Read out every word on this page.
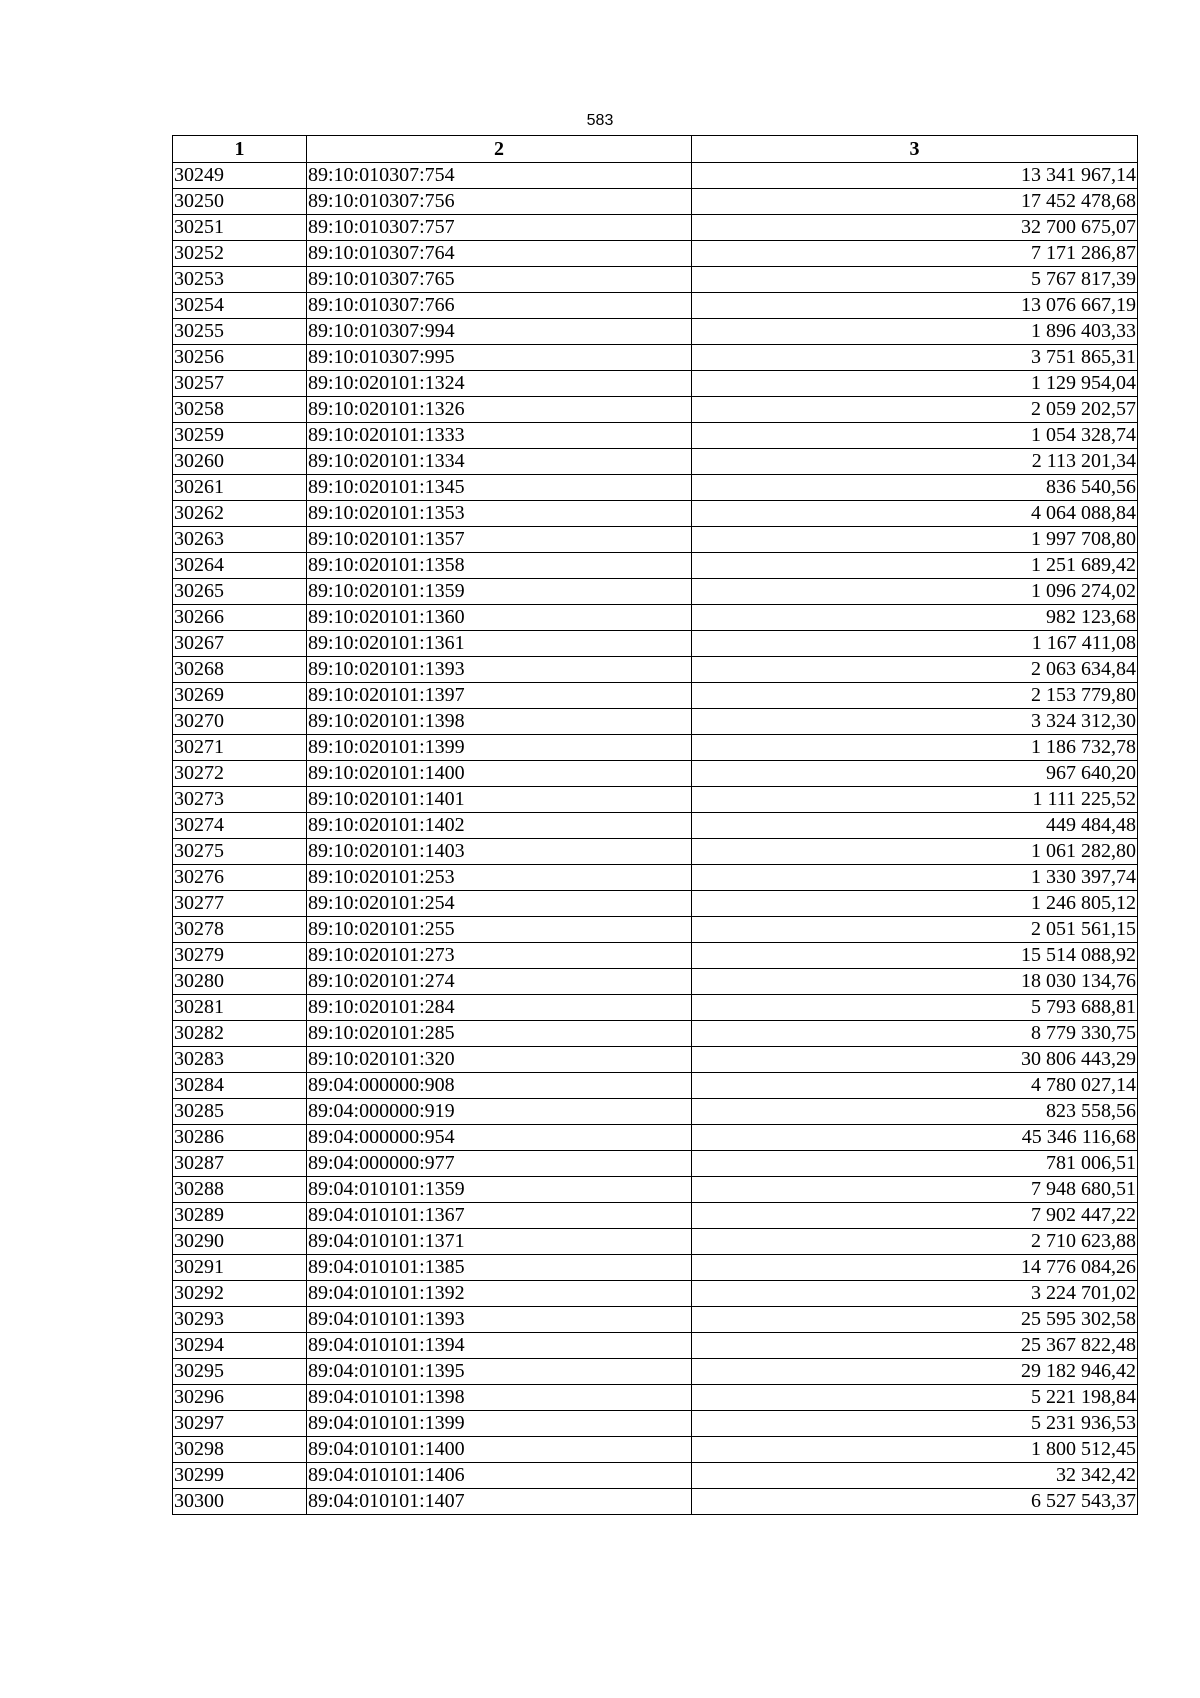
583
1	2	3
30249	89:10:010307:754	13 341 967,14
30250	89:10:010307:756	17 452 478,68
30251	89:10:010307:757	32 700 675,07
30252	89:10:010307:764	7 171 286,87
30253	89:10:010307:765	5 767 817,39
30254	89:10:010307:766	13 076 667,19
30255	89:10:010307:994	1 896 403,33
30256	89:10:010307:995	3 751 865,31
30257	89:10:020101:1324	1 129 954,04
30258	89:10:020101:1326	2 059 202,57
30259	89:10:020101:1333	1 054 328,74
30260	89:10:020101:1334	2 113 201,34
30261	89:10:020101:1345	836 540,56
30262	89:10:020101:1353	4 064 088,84
30263	89:10:020101:1357	1 997 708,80
30264	89:10:020101:1358	1 251 689,42
30265	89:10:020101:1359	1 096 274,02
30266	89:10:020101:1360	982 123,68
30267	89:10:020101:1361	1 167 411,08
30268	89:10:020101:1393	2 063 634,84
30269	89:10:020101:1397	2 153 779,80
30270	89:10:020101:1398	3 324 312,30
30271	89:10:020101:1399	1 186 732,78
30272	89:10:020101:1400	967 640,20
30273	89:10:020101:1401	1 111 225,52
30274	89:10:020101:1402	449 484,48
30275	89:10:020101:1403	1 061 282,80
30276	89:10:020101:253	1 330 397,74
30277	89:10:020101:254	1 246 805,12
30278	89:10:020101:255	2 051 561,15
30279	89:10:020101:273	15 514 088,92
30280	89:10:020101:274	18 030 134,76
30281	89:10:020101:284	5 793 688,81
30282	89:10:020101:285	8 779 330,75
30283	89:10:020101:320	30 806 443,29
30284	89:04:000000:908	4 780 027,14
30285	89:04:000000:919	823 558,56
30286	89:04:000000:954	45 346 116,68
30287	89:04:000000:977	781 006,51
30288	89:04:010101:1359	7 948 680,51
30289	89:04:010101:1367	7 902 447,22
30290	89:04:010101:1371	2 710 623,88
30291	89:04:010101:1385	14 776 084,26
30292	89:04:010101:1392	3 224 701,02
30293	89:04:010101:1393	25 595 302,58
30294	89:04:010101:1394	25 367 822,48
30295	89:04:010101:1395	29 182 946,42
30296	89:04:010101:1398	5 221 198,84
30297	89:04:010101:1399	5 231 936,53
30298	89:04:010101:1400	1 800 512,45
30299	89:04:010101:1406	32 342,42
30300	89:04:010101:1407	6 527 543,37
